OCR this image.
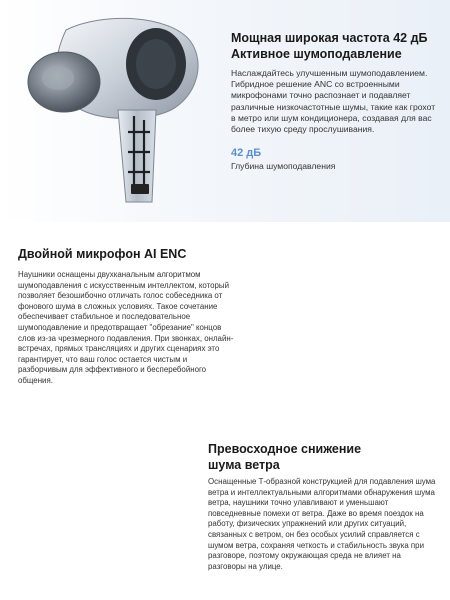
Мощная широкая частота 42 дБ
Активное шумоподавление
Наслаждайтесь улучшенным шумоподавлением. Гибридное решение ANC со встроенными микрофонами точно распознает и подавляет различные низкочастотные шумы, такие как грохот в метро или шум кондиционера, создавая для вас более тихую среду прослушивания.
42 дБ
Глубина шумоподавления
Двойной микрофон AI ENC
Наушники оснащены двухканальным алгоритмом шумоподавления с искусственным интеллектом, который позволяет безошибочно отличать голос собеседника от фонового шума в сложных условиях. Такое сочетание обеспечивает стабильное и последовательное шумоподавление и предотвращает "обрезание" концов слов из-за чрезмерного подавления. При звонках, онлайн-встречах, прямых трансляциях и других сценариях это гарантирует, что ваш голос остается чистым и разборчивым для эффективного и бесперебойного общения.
Превосходное снижение
шума ветра
Оснащенные Т-образной конструкцией для подавления шума ветра и интеллектуальными алгоритмами обнаружения шума ветра, наушники точно улавливают и уменьшают повседневные помехи от ветра. Даже во время поездок на работу, физических упражнений или других ситуаций, связанных с ветром, он без особых усилий справляется с шумом ветра, сохраняя четкость и стабильность звука при разговоре, поэтому окружающая среда не влияет на разговоры на улице.
